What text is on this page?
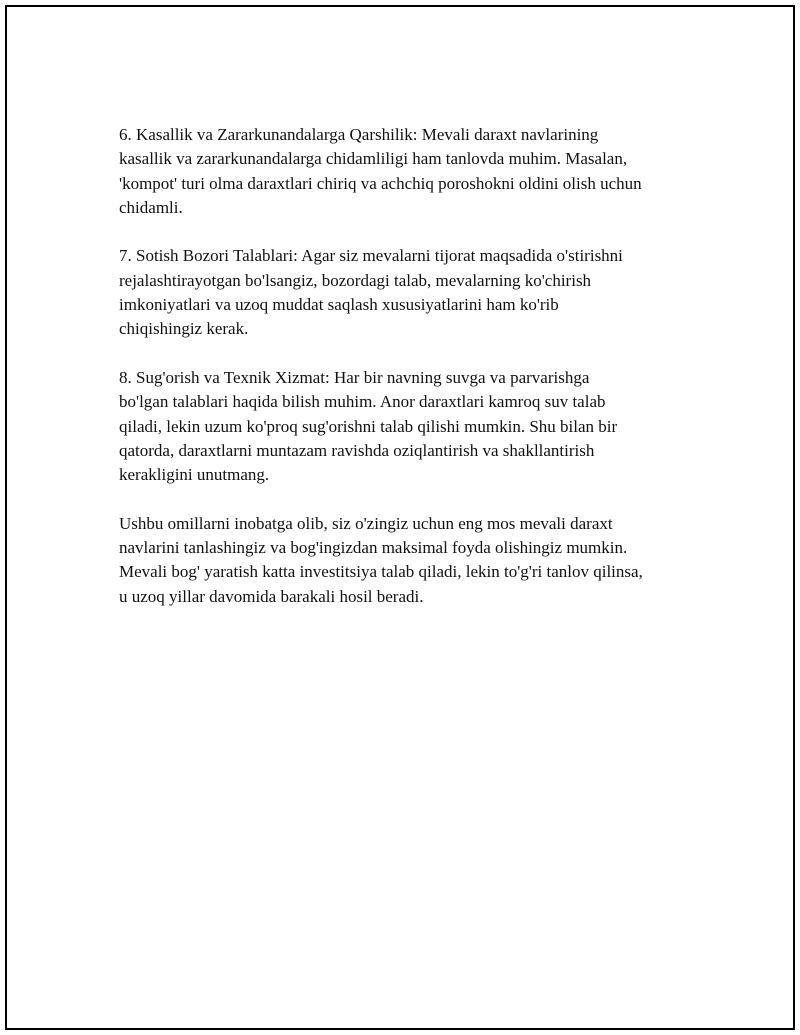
6. Kasallik va Zararkunandalarga Qarshilik: Mevali daraxt navlarining
kasallik va zararkunandalarga chidamliligi ham tanlovda muhim. Masalan,
'kompot' turi olma daraxtlari chiriq va achchiq poroshokni oldini olish uchun
chidamli.
7. Sotish Bozori Talablari: Agar siz mevalarni tijorat maqsadida o'stirishni
rejalashtirayotgan bo'lsangiz, bozordagi talab, mevalarning ko'chirish
imkoniyatlari va uzoq muddat saqlash xususiyatlarini ham ko'rib
chiqishingiz kerak.
8. Sug'orish va Texnik Xizmat: Har bir navning suvga va parvarishga
bo'lgan talablari haqida bilish muhim. Anor daraxtlari kamroq suv talab
qiladi, lekin uzum ko'proq sug'orishni talab qilishi mumkin. Shu bilan bir
qatorda, daraxtlarni muntazam ravishda oziqlantirish va shakllantirish
kerakligini unutmang.
Ushbu omillarni inobatga olib, siz o'zingiz uchun eng mos mevali daraxt
navlarini tanlashingiz va bog'ingizdan maksimal foyda olishingiz mumkin.
Mevali bog' yaratish katta investitsiya talab qiladi, lekin to'g'ri tanlov qilinsa,
u uzoq yillar davomida barakali hosil beradi.
